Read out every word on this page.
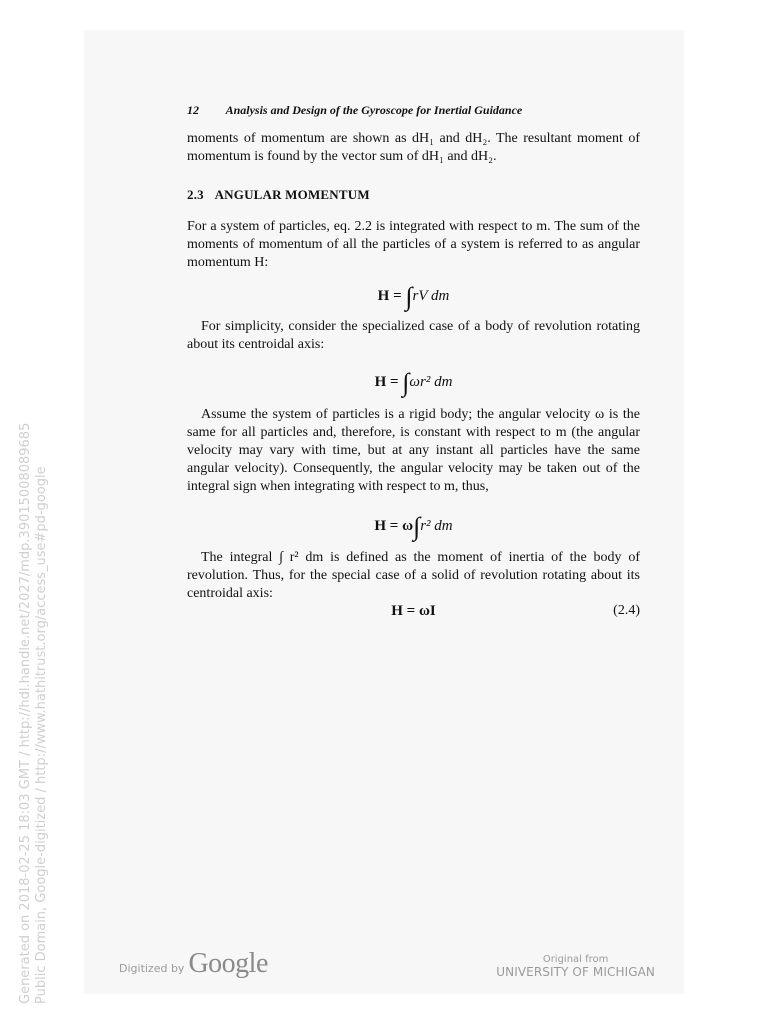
12 Analysis and Design of the Gyroscope for Inertial Guidance
moments of momentum are shown as dH₁ and dH₂. The resultant moment of momentum is found by the vector sum of dH₁ and dH₂.
2.3 ANGULAR MOMENTUM
For a system of particles, eq. 2.2 is integrated with respect to m. The sum of the moments of momentum of all the particles of a system is referred to as angular momentum H:
H = ∫rV dm
For simplicity, consider the specialized case of a body of revolution rotating about its centroidal axis:
H = ∫ωr² dm
Assume the system of particles is a rigid body; the angular velocity ω is the same for all particles and, therefore, is constant with respect to m (the angular velocity may vary with time, but at any instant all particles have the same angular velocity). Consequently, the angular velocity may be taken out of the integral sign when integrating with respect to m, thus,
H = ω∫r² dm
The integral ∫ r² dm is defined as the moment of inertia of the body of revolution. Thus, for the special case of a solid of revolution rotating about its centroidal axis:
H = ωI	(2.4)
Generated on 2018-02-25 18:03 GMT / http://hdl.handle.net/2027/mdp.39015008089685 Public Domain, Google-digitized / http://www.hathitrust.org/access_use#pd-google	Digitized by Google	Original from
UNIVERSITY OF MICHIGAN
